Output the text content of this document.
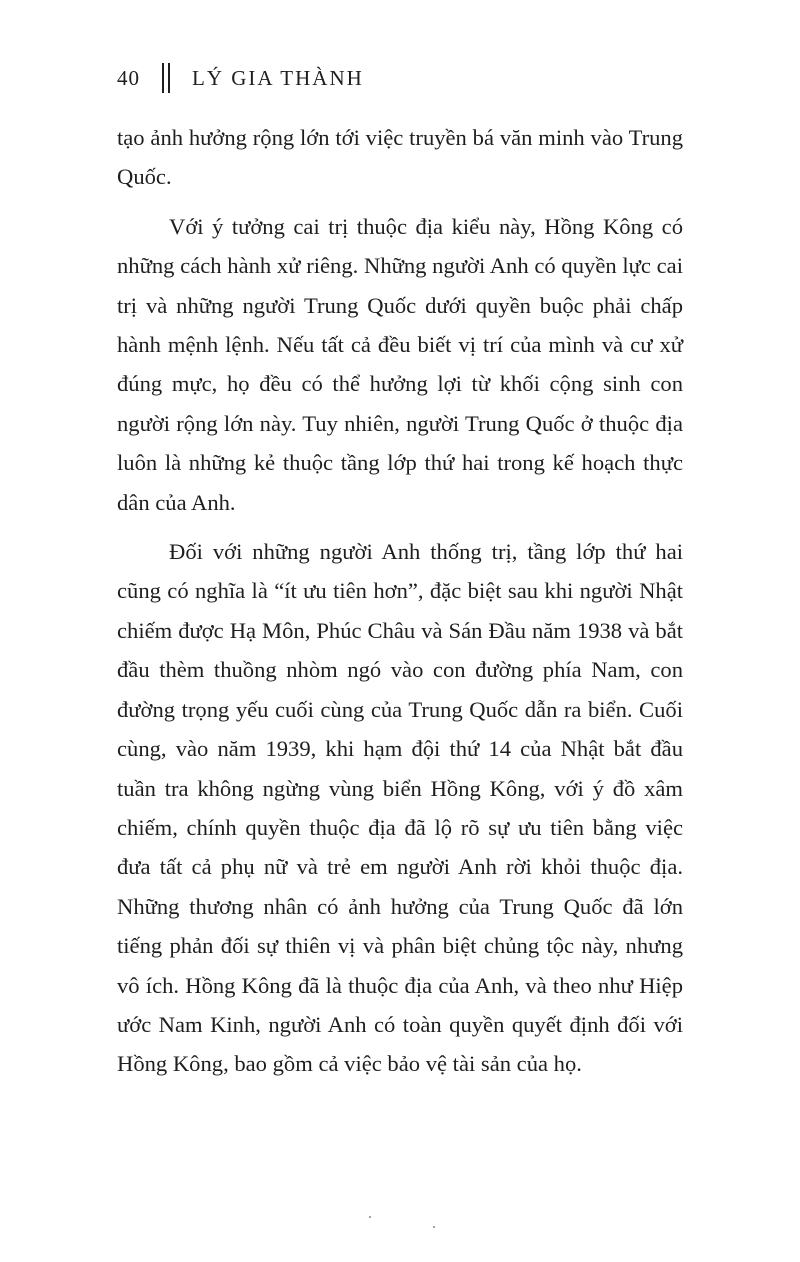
40 LÝ GIA THÀNH

tạo ảnh hưởng rộng lớn tới việc truyền bá văn minh vào Trung Quốc.

Với ý tưởng cai trị thuộc địa kiểu này, Hồng Kông có những cách hành xử riêng. Những người Anh có quyền lực cai trị và những người Trung Quốc dưới quyền buộc phải chấp hành mệnh lệnh. Nếu tất cả đều biết vị trí của mình và cư xử đúng mực, họ đều có thể hưởng lợi từ khối cộng sinh con người rộng lớn này. Tuy nhiên, người Trung Quốc ở thuộc địa luôn là những kẻ thuộc tầng lớp thứ hai trong kế hoạch thực dân của Anh.

Đối với những người Anh thống trị, tầng lớp thứ hai cũng có nghĩa là “ít ưu tiên hơn”, đặc biệt sau khi người Nhật chiếm được Hạ Môn, Phúc Châu và Sán Đầu năm 1938 và bắt đầu thèm thuồng nhòm ngó vào con đường phía Nam, con đường trọng yếu cuối cùng của Trung Quốc dẫn ra biển. Cuối cùng, vào năm 1939, khi hạm đội thứ 14 của Nhật bắt đầu tuần tra không ngừng vùng biển Hồng Kông, với ý đồ xâm chiếm, chính quyền thuộc địa đã lộ rõ sự ưu tiên bằng việc đưa tất cả phụ nữ và trẻ em người Anh rời khỏi thuộc địa. Những thương nhân có ảnh hưởng của Trung Quốc đã lớn tiếng phản đối sự thiên vị và phân biệt chủng tộc này, nhưng vô ích. Hồng Kông đã là thuộc địa của Anh, và theo như Hiệp ước Nam Kinh, người Anh có toàn quyền quyết định đối với Hồng Kông, bao gồm cả việc bảo vệ tài sản của họ.
